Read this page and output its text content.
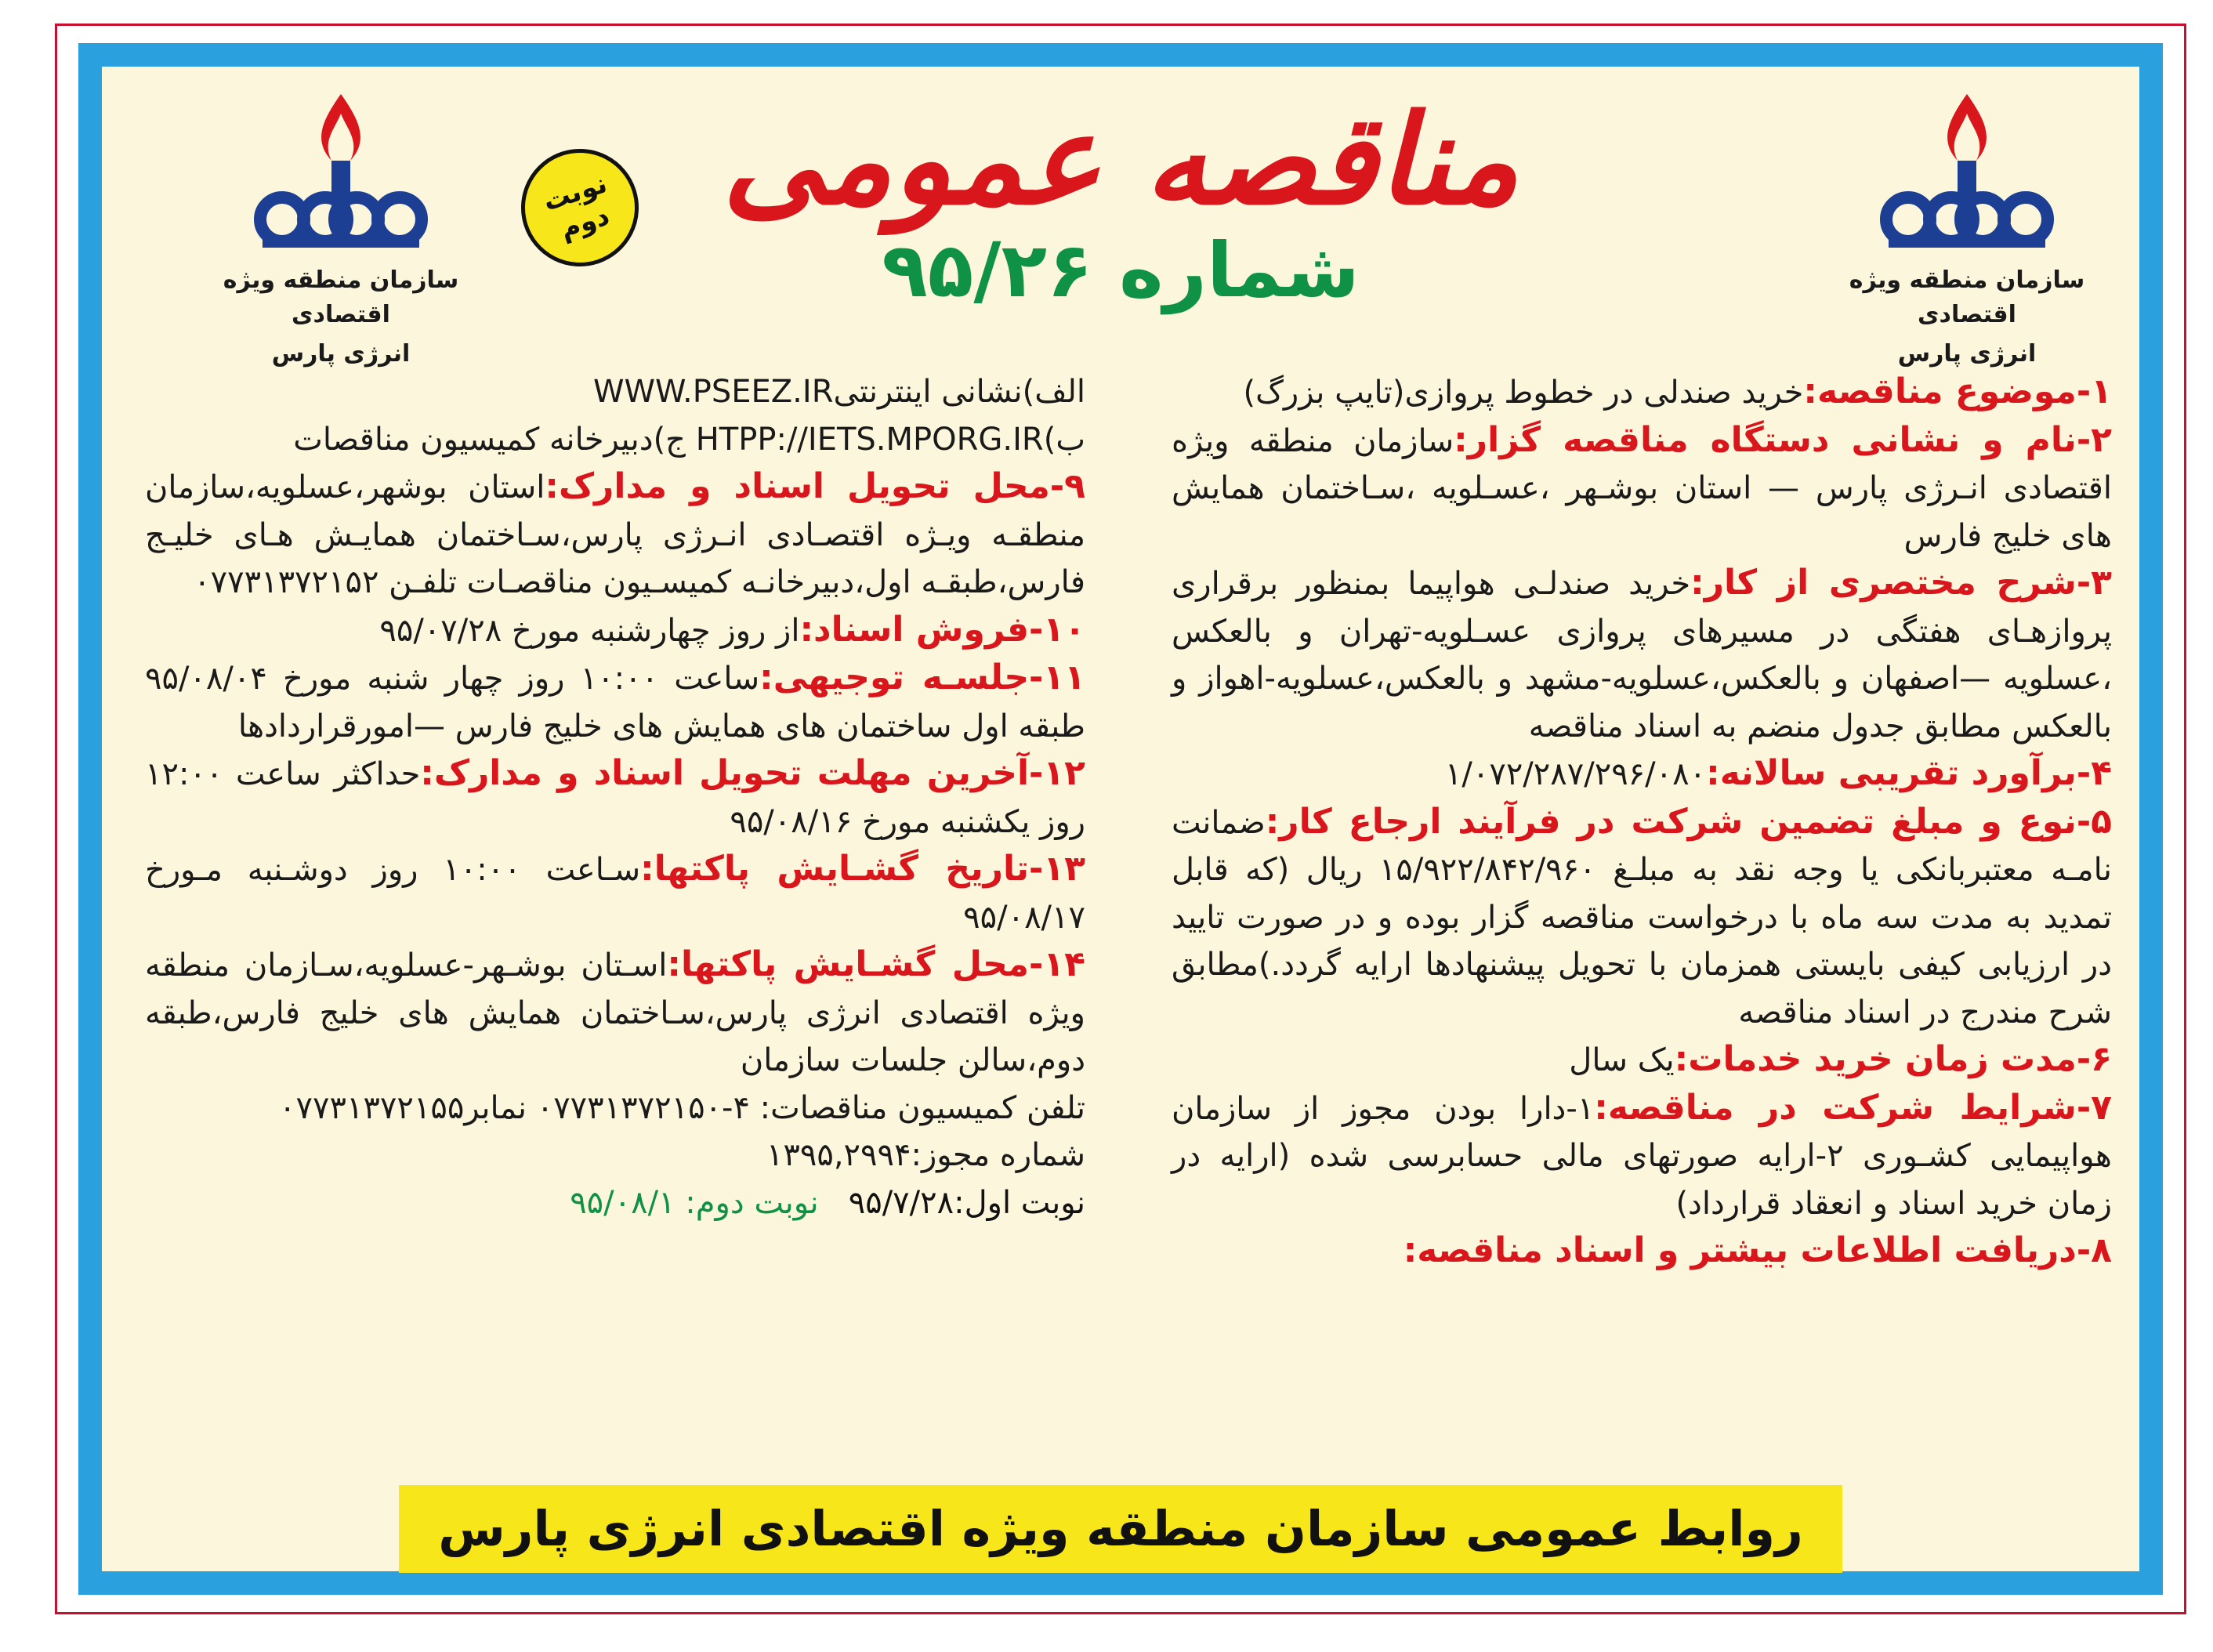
سازمان منطقه ویژه اقتصادی
انرژی پارس
سازمان منطقه ویژه اقتصادی
انرژی پارس
نوبت دوم مناقصه عمومی
شماره ۹۵/۲۶

۱-موضوع مناقصه:خرید صندلی در خطوط پروازی(تایپ بزرگ)

۲-نام و نشانی دستگاه مناقصه گزار:سازمان منطقه ویژه اقتصادی انـرژی پارس — استان بوشـهر ،عسـلویه ،سـاختمان همایش های خلیج فارس

۳-شرح مختصری از کار:خرید صندلـی هواپیما بمنظور برقراری پروازهـای هفتگی در مسیرهای پروازی عسـلویه-تهران و بالعکس ،عسلویه —اصفهان و بالعکس،عسلویه-مشهد و بالعکس،عسلویه-اهواز و بالعکس مطابق جدول منضم به اسناد مناقصه

۴-برآورد تقریبی سالانه:۱/۰۷۲/۲۸۷/۲۹۶/۰۸۰

۵-نوع و مبلغ تضمین شرکت در فرآیند ارجاع کار:ضمانت نامـه معتبربانکی یا وجه نقد به مبلـغ ۱۵/۹۲۲/۸۴۲/۹۶۰ ریال (که قابل تمدید به مدت سه ماه با درخواست مناقصه گزار بوده و در صورت تایید در ارزیابی کیفی بایستی همزمان با تحویل پیشنهادها ارایه گردد.)مطابق شرح مندرج در اسناد مناقصه

۶-مدت زمان خرید خدمات:یک سال

۷-شرایط شرکت در مناقصه:۱-دارا بودن مجوز از سازمان هواپیمایی کشـوری ۲-ارایه صورتهای مالی حسابرسی شده (ارایه در زمان خرید اسناد و انعقاد قرارداد)

۸-دریافت اطلاعات بیشتر و اسناد مناقصه:

الف)نشانی اینترنتیWWW.PSEEZ.IR

ب)HTPP://IETS.MPORG.IR ج)دبیرخانه کمیسیون مناقصات

۹-محل تحویل اسناد و مدارک:استان بوشهر،عسلویه،سازمان منطقـه ویـژه اقتصـادی انـرژی پارس،سـاختمان همایـش هـای خلیـج فارس،طبقـه اول،دبیرخانـه کمیسـیون مناقصـات تلفـن ۰۷۷۳۱۳۷۲۱۵۲

۱۰-فروش اسناد:از روز چهارشنبه مورخ ۹۵/۰۷/۲۸

۱۱-جلسـه توجیهی:ساعت ۱۰:۰۰ روز چهار شنبه مورخ ۹۵/۰۸/۰۴ طبقه اول ساختمان های همایش های خلیج فارس —امورقراردادها

۱۲-آخرین مهلت تحویل اسناد و مدارک:حداکثر ساعت ۱۲:۰۰ روز یکشنبه مورخ ۹۵/۰۸/۱۶

۱۳-تاریخ گشـایش پاکتها:سـاعت ۱۰:۰۰ روز دوشـنبه مـورخ ۹۵/۰۸/۱۷

۱۴-محل گشـایش پاکتها:اسـتان بوشـهر-عسلویه،سـازمان منطقه ویژه اقتصادی انرژی پارس،سـاختمان همایش های خلیج فارس،طبقه دوم،سالن جلسات سازمان

تلفن کمیسیون مناقصات: ۴-۰۷۷۳۱۳۷۲۱۵۰ نمابر۰۷۷۳۱۳۷۲۱۵۵

شماره مجوز:۱۳۹۵,۲۹۹۴

نوبت اول:۹۵/۷/۲۸   نوبت دوم: ۹۵/۰۸/۱

روابط عمومی سازمان منطقه ویژه اقتصادی انرژی پارس
